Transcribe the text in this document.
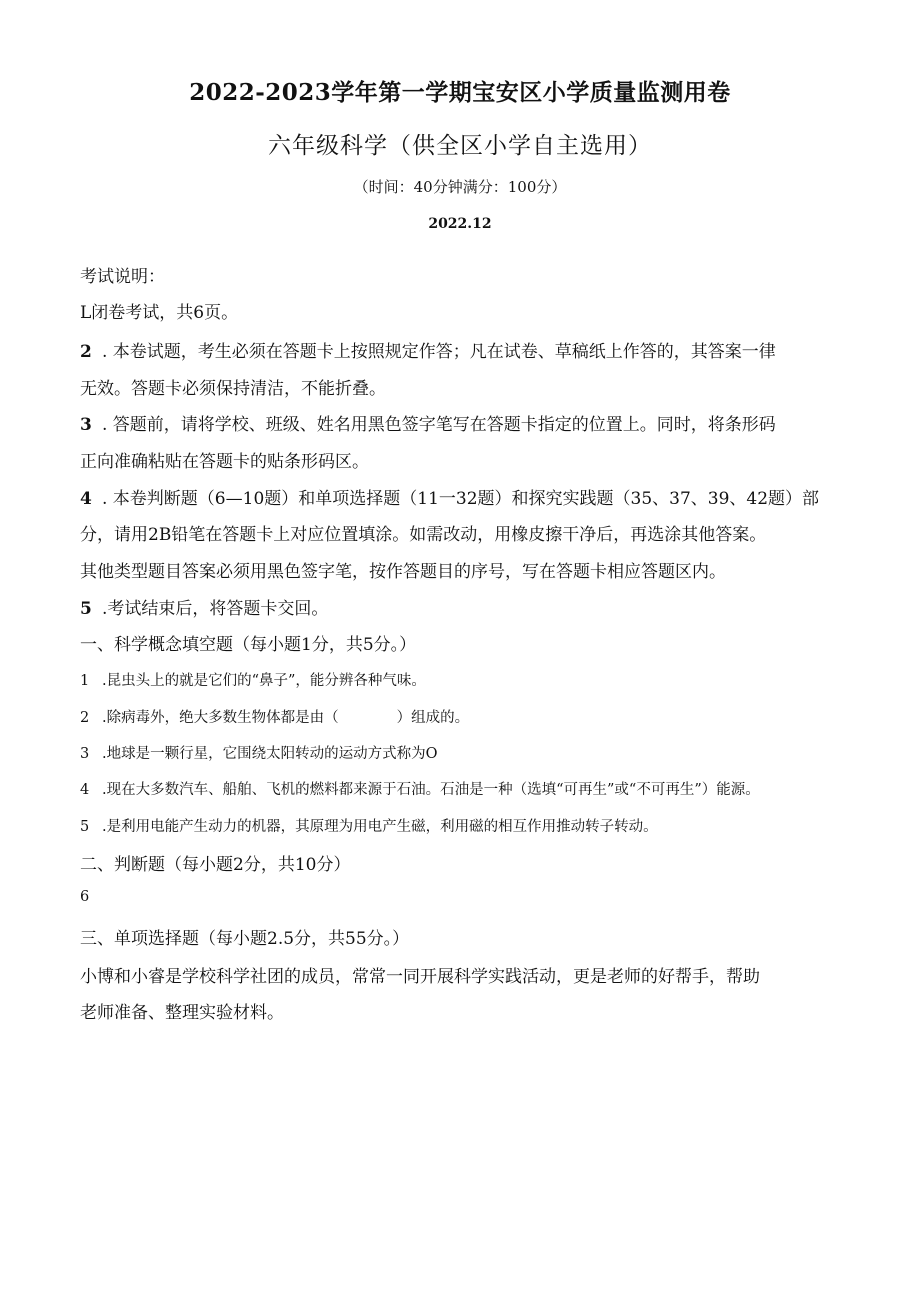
2022-2023学年第一学期宝安区小学质量监测用卷
六年级科学（供全区小学自主选用）
（时间：40分钟满分：100分）
2022.12
考试说明：
L闭卷考试，共6页。
2 . 本卷试题，考生必须在答题卡上按照规定作答；凡在试卷、草稿纸上作答的，其答案一律
无效。答题卡必须保持清洁，不能折叠。
3 . 答题前，请将学校、班级、姓名用黑色签字笔写在答题卡指定的位置上。同时，将条形码
正向准确粘贴在答题卡的贴条形码区。
4 . 本卷判断题（6—10题）和单项选择题（11一32题）和探究实践题（35、37、39、42题）部
分，请用2B铅笔在答题卡上对应位置填涂。如需改动，用橡皮擦干净后，再选涂其他答案。
其他类型题目答案必须用黑色签字笔，按作答题目的序号，写在答题卡相应答题区内。
5 .考试结束后，将答题卡交回。
一、科学概念填空题（每小题1分，共5分。）
1 .昆虫头上的就是它们的“鼻子”，能分辨各种气味。
2 .除病毒外，绝大多数生物体都是由（　　　　）组成的。
3 .地球是一颗行星，它围绕太阳转动的运动方式称为O
4 .现在大多数汽车、船舶、飞机的燃料都来源于石油。石油是一种（选填“可再生”或“不可再生”）能源。
5 .是利用电能产生动力的机器，其原理为用电产生磁，利用磁的相互作用推动转子转动。
二、判断题（每小题2分，共10分）
6
三、单项选择题（每小题2.5分，共55分。）
小博和小睿是学校科学社团的成员，常常一同开展科学实践活动，更是老师的好帮手，帮助
老师准备、整理实验材料。
